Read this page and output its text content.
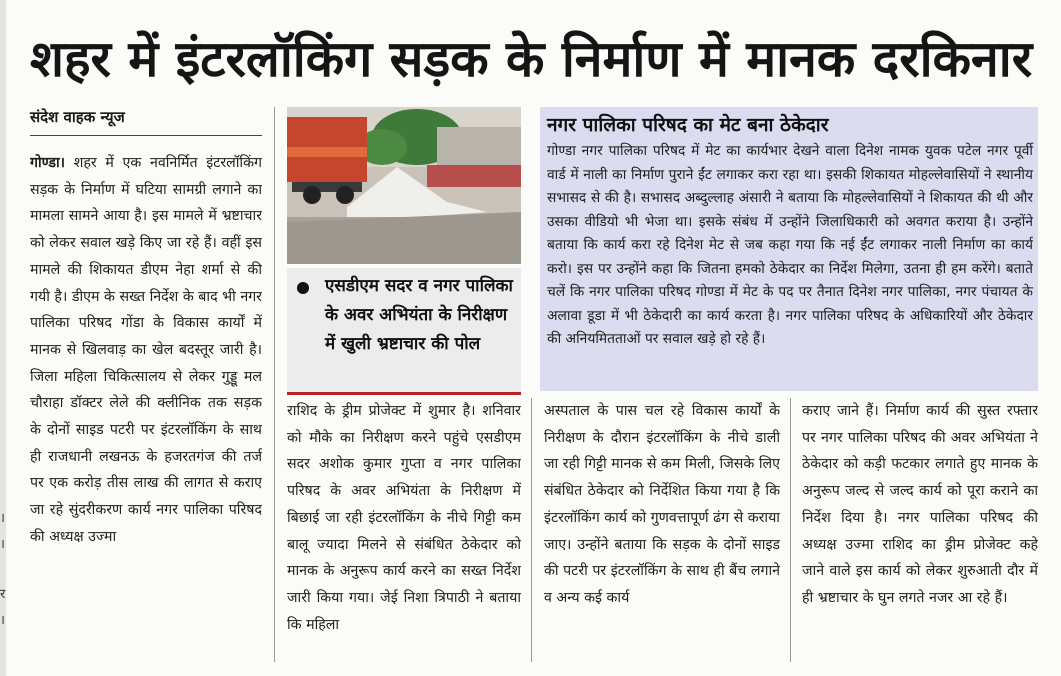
।
।
र
।
शहर में इंटरलॉकिंग सड़क के निर्माण में मानक दरकिनार
संदेश वाहक न्यूज

गोण्डा। शहर में एक नवनिर्मित इंटरलॉकिंग सड़क के निर्माण में घटिया सामग्री लगाने का मामला सामने आया है। इस मामले में भ्रष्टाचार को लेकर सवाल खड़े किए जा रहे हैं। वहीं इस मामले की शिकायत डीएम नेहा शर्मा से की गयी है। डीएम के सख्त निर्देश के बाद भी नगर पालिका परिषद गोंडा के विकास कार्यों में मानक से खिलवाड़ का खेल बदस्तूर जारी है। जिला महिला चिकित्सालय से लेकर गुड्डू मल चौराहा डॉक्टर लेले की क्लीनिक तक सड़क के दोनों साइड पटरी पर इंटरलॉकिंग के साथ ही राजधानी लखनऊ के हजरतगंज की तर्ज पर एक करोड़ तीस लाख की लागत से कराए जा रहे सुंदरीकरण कार्य नगर पालिका परिषद की अध्यक्ष उज्मा

एसडीएम सदर व नगर पालिका के अवर अभियंता के निरीक्षण में खुली भ्रष्टाचार की पोल
नगर पालिका परिषद का मेट बना ठेकेदार
गोण्डा नगर पालिका परिषद में मेट का कार्यभार देखने वाला दिनेश नामक युवक पटेल नगर पूर्वी वार्ड में नाली का निर्माण पुराने ईंट लगाकर करा रहा था। इसकी शिकायत मोहल्लेवासियों ने स्थानीय सभासद से की है। सभासद अब्दुल्लाह अंसारी ने बताया कि मोहल्लेवासियों ने शिकायत की थी और उसका वीडियो भी भेजा था। इसके संबंध में उन्होंने जिलाधिकारी को अवगत कराया है। उन्होंने बताया कि कार्य करा रहे दिनेश मेट से जब कहा गया कि नई ईंट लगाकर नाली निर्माण का कार्य करो। इस पर उन्होंने कहा कि जितना हमको ठेकेदार का निर्देश मिलेगा, उतना ही हम करेंगे। बताते चलें कि नगर पालिका परिषद गोण्डा में मेट के पद पर तैनात दिनेश नगर पालिका, नगर पंचायत के अलावा डूडा में भी ठेकेदारी का कार्य करता है। नगर पालिका परिषद के अधिकारियों और ठेकेदार की अनियमितताओं पर सवाल खड़े हो रहे हैं।

राशिद के ड्रीम प्रोजेक्ट में शुमार है। शनिवार को मौके का निरीक्षण करने पहुंचे एसडीएम सदर अशोक कुमार गुप्ता व नगर पालिका परिषद के अवर अभियंता के निरीक्षण में बिछाई जा रही इंटरलॉकिंग के नीचे गिट्टी कम बालू ज्यादा मिलने से संबंधित ठेकेदार को मानक के अनुरूप कार्य करने का सख्त निर्देश जारी किया गया। जेई निशा त्रिपाठी ने बताया कि महिला

अस्पताल के पास चल रहे विकास कार्यों के निरीक्षण के दौरान इंटरलॉकिंग के नीचे डाली जा रही गिट्टी मानक से कम मिली, जिसके लिए संबंधित ठेकेदार को निर्देशित किया गया है कि इंटरलॉकिंग कार्य को गुणवत्तापूर्ण ढंग से कराया जाए। उन्होंने बताया कि सड़क के दोनों साइड की पटरी पर इंटरलॉकिंग के साथ ही बैंच लगाने व अन्य कई कार्य

कराए जाने हैं। निर्माण कार्य की सुस्त रफ्तार पर नगर पालिका परिषद की अवर अभियंता ने ठेकेदार को कड़ी फटकार लगाते हुए मानक के अनुरूप जल्द से जल्द कार्य को पूरा कराने का निर्देश दिया है। नगर पालिका परिषद की अध्यक्ष उज्मा राशिद का ड्रीम प्रोजेक्ट कहे जाने वाले इस कार्य को लेकर शुरुआती दौर में ही भ्रष्टाचार के घुन लगते नजर आ रहे हैं।
